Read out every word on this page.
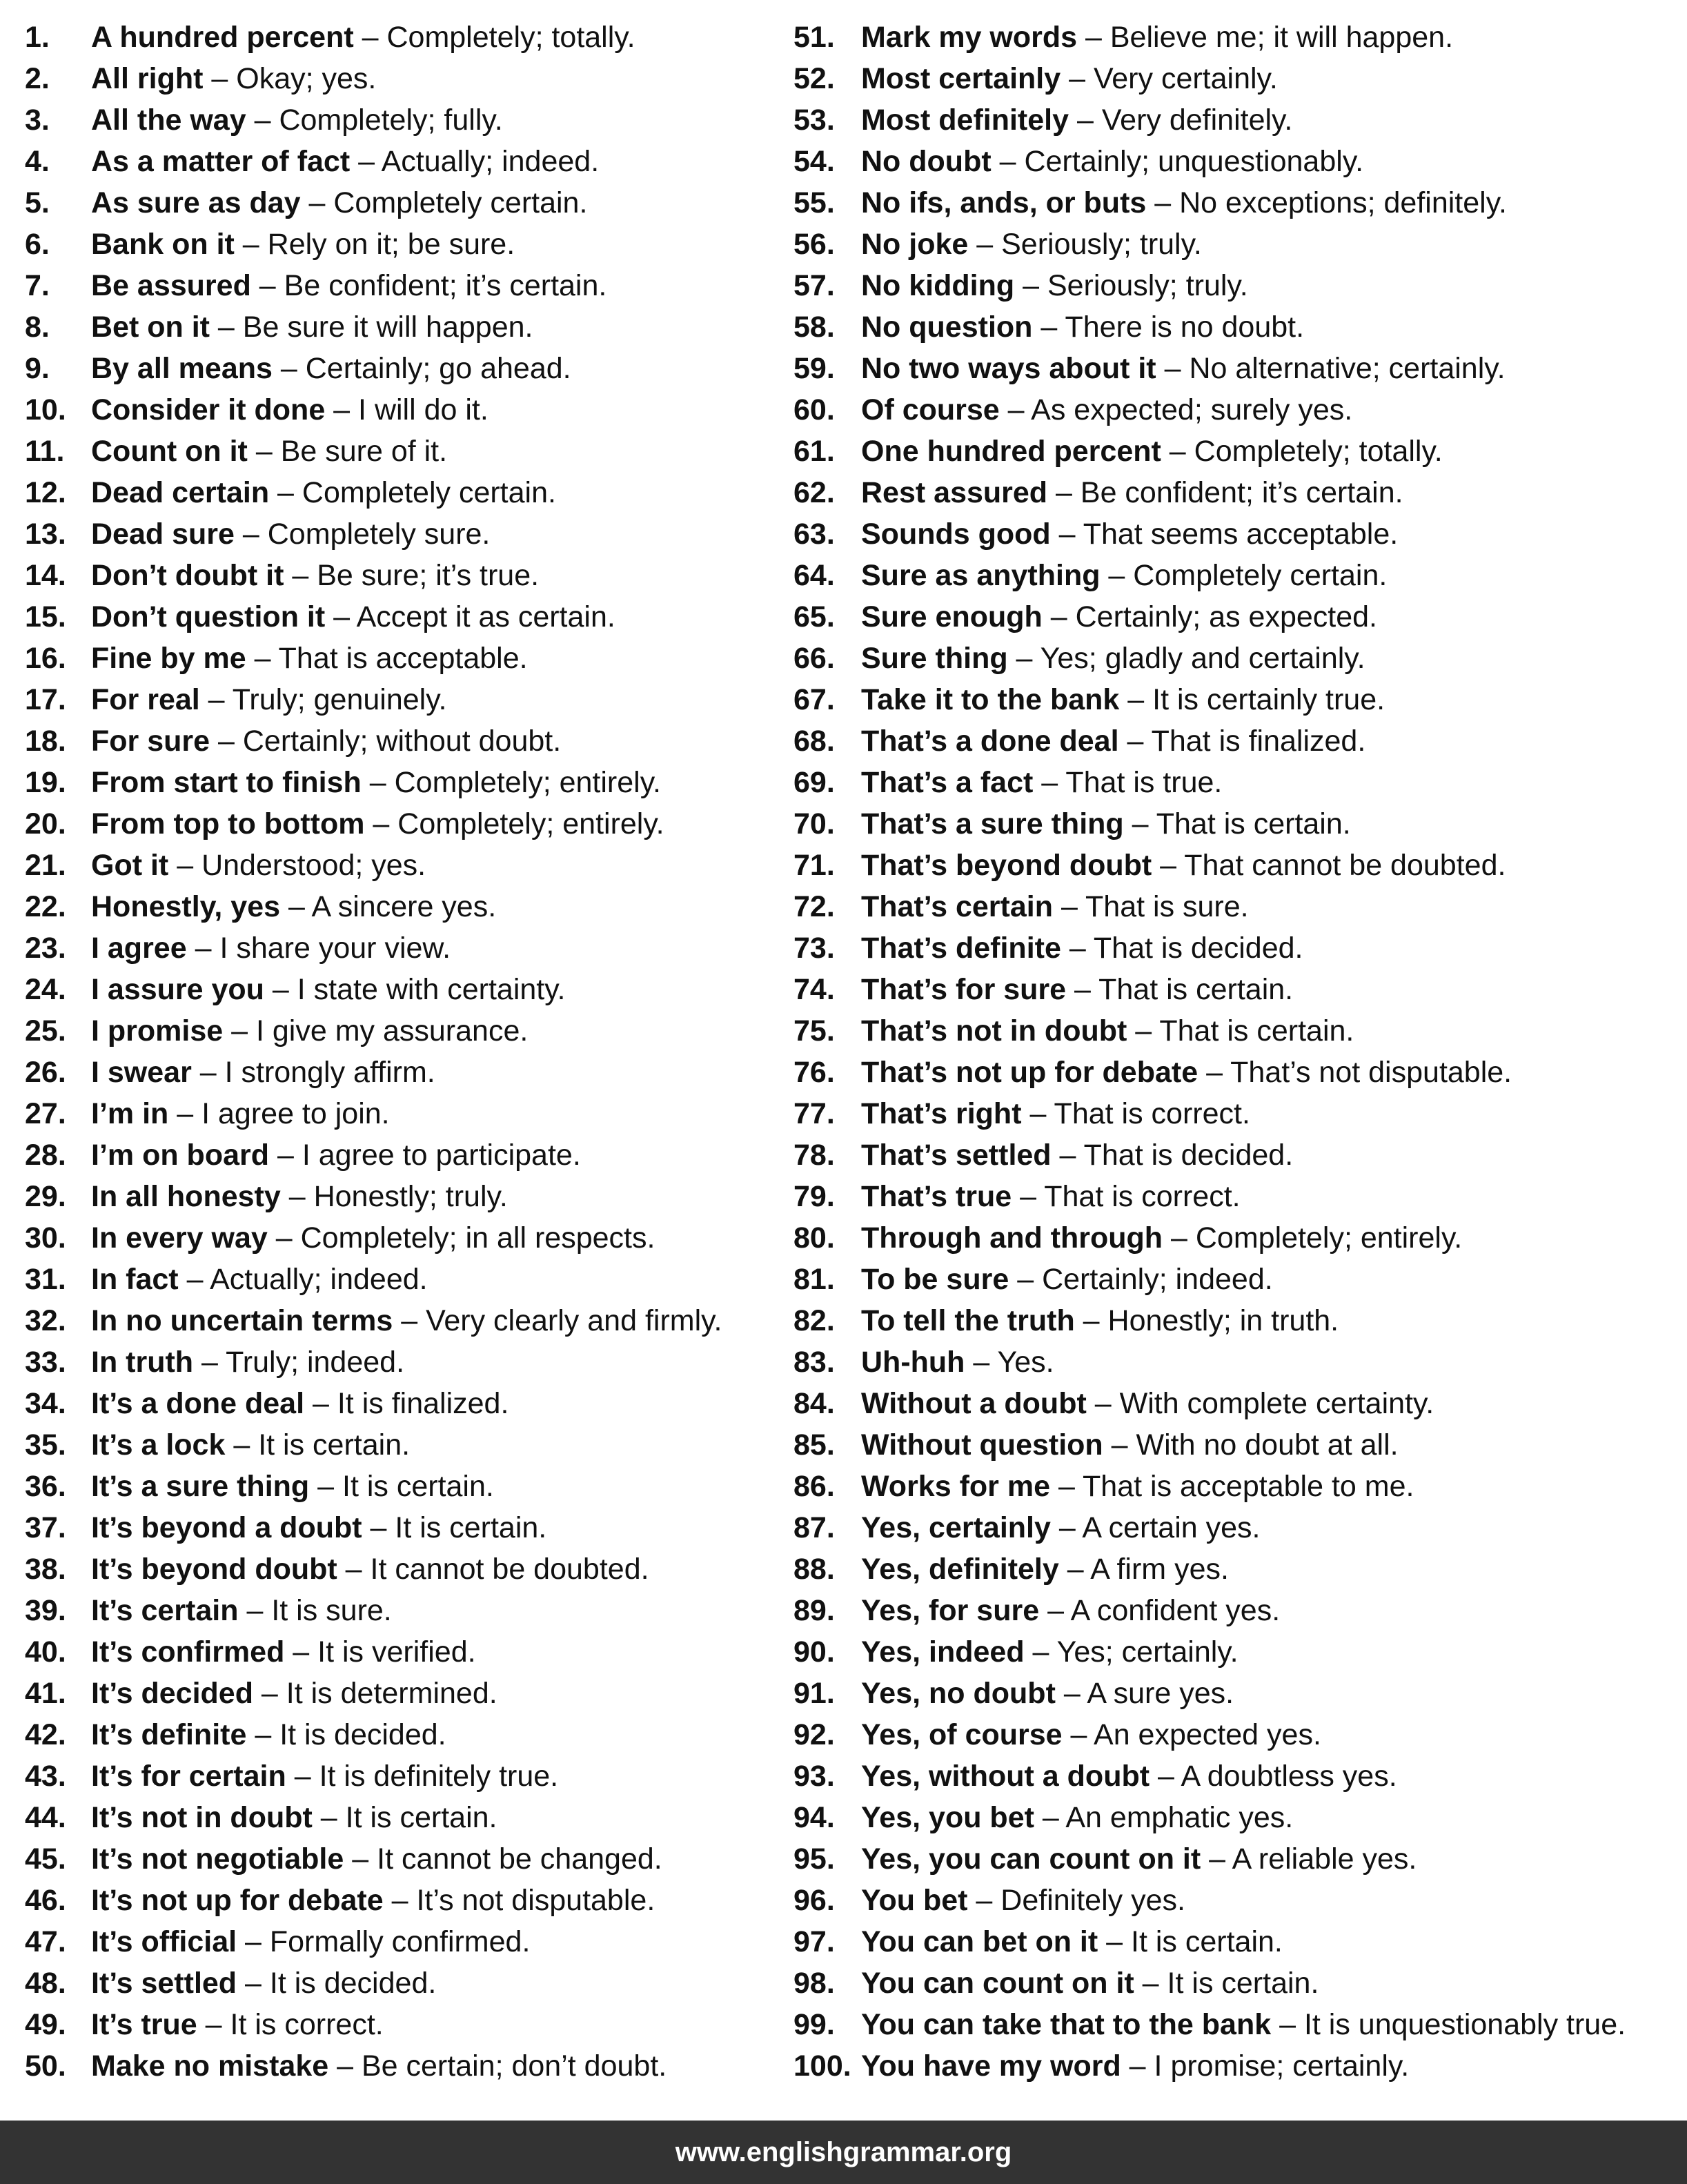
1.	A hundred percent – Completely; totally.
2.	All right – Okay; yes.
3.	All the way – Completely; fully.
4.	As a matter of fact – Actually; indeed.
5.	As sure as day – Completely certain.
6.	Bank on it – Rely on it; be sure.
7.	Be assured – Be confident; it’s certain.
8.	Bet on it – Be sure it will happen.
9.	By all means – Certainly; go ahead.
10. Consider it done – I will do it.
11. Count on it – Be sure of it.
12. Dead certain – Completely certain.
13. Dead sure – Completely sure.
14. Don’t doubt it – Be sure; it’s true.
15. Don’t question it – Accept it as certain.
16. Fine by me – That is acceptable.
17. For real – Truly; genuinely.
18. For sure – Certainly; without doubt.
19. From start to finish – Completely; entirely.
20. From top to bottom – Completely; entirely.
21. Got it – Understood; yes.
22. Honestly, yes – A sincere yes.
23. I agree – I share your view.
24. I assure you – I state with certainty.
25. I promise – I give my assurance.
26. I swear – I strongly affirm.
27. I’m in – I agree to join.
28. I’m on board – I agree to participate.
29. In all honesty – Honestly; truly.
30. In every way – Completely; in all respects.
31. In fact – Actually; indeed.
32. In no uncertain terms – Very clearly and firmly.
33. In truth – Truly; indeed.
34. It’s a done deal – It is finalized.
35. It’s a lock – It is certain.
36. It’s a sure thing – It is certain.
37. It’s beyond a doubt – It is certain.
38. It’s beyond doubt – It cannot be doubted.
39. It’s certain – It is sure.
40. It’s confirmed – It is verified.
41. It’s decided – It is determined.
42. It’s definite – It is decided.
43. It’s for certain – It is definitely true.
44. It’s not in doubt – It is certain.
45. It’s not negotiable – It cannot be changed.
46. It’s not up for debate – It’s not disputable.
47. It’s official – Formally confirmed.
48. It’s settled – It is decided.
49. It’s true – It is correct.
50. Make no mistake – Be certain; don’t doubt.
51. Mark my words – Believe me; it will happen.
52. Most certainly – Very certainly.
53. Most definitely – Very definitely.
54. No doubt – Certainly; unquestionably.
55. No ifs, ands, or buts – No exceptions; definitely.
56. No joke – Seriously; truly.
57. No kidding – Seriously; truly.
58. No question – There is no doubt.
59. No two ways about it – No alternative; certainly.
60. Of course – As expected; surely yes.
61. One hundred percent – Completely; totally.
62. Rest assured – Be confident; it’s certain.
63. Sounds good – That seems acceptable.
64. Sure as anything – Completely certain.
65. Sure enough – Certainly; as expected.
66. Sure thing – Yes; gladly and certainly.
67. Take it to the bank – It is certainly true.
68. That’s a done deal – That is finalized.
69. That’s a fact – That is true.
70. That’s a sure thing – That is certain.
71. That’s beyond doubt – That cannot be doubted.
72. That’s certain – That is sure.
73. That’s definite – That is decided.
74. That’s for sure – That is certain.
75. That’s not in doubt – That is certain.
76. That’s not up for debate – That’s not disputable.
77. That’s right – That is correct.
78. That’s settled – That is decided.
79. That’s true – That is correct.
80. Through and through – Completely; entirely.
81. To be sure – Certainly; indeed.
82. To tell the truth – Honestly; in truth.
83. Uh-huh – Yes.
84. Without a doubt – With complete certainty.
85. Without question – With no doubt at all.
86. Works for me – That is acceptable to me.
87. Yes, certainly – A certain yes.
88. Yes, definitely – A firm yes.
89. Yes, for sure – A confident yes.
90. Yes, indeed – Yes; certainly.
91. Yes, no doubt – A sure yes.
92. Yes, of course – An expected yes.
93. Yes, without a doubt – A doubtless yes.
94. Yes, you bet – An emphatic yes.
95. Yes, you can count on it – A reliable yes.
96. You bet – Definitely yes.
97. You can bet on it – It is certain.
98. You can count on it – It is certain.
99. You can take that to the bank – It is unquestionably true.
100. You have my word – I promise; certainly.
www.englishgrammar.org
